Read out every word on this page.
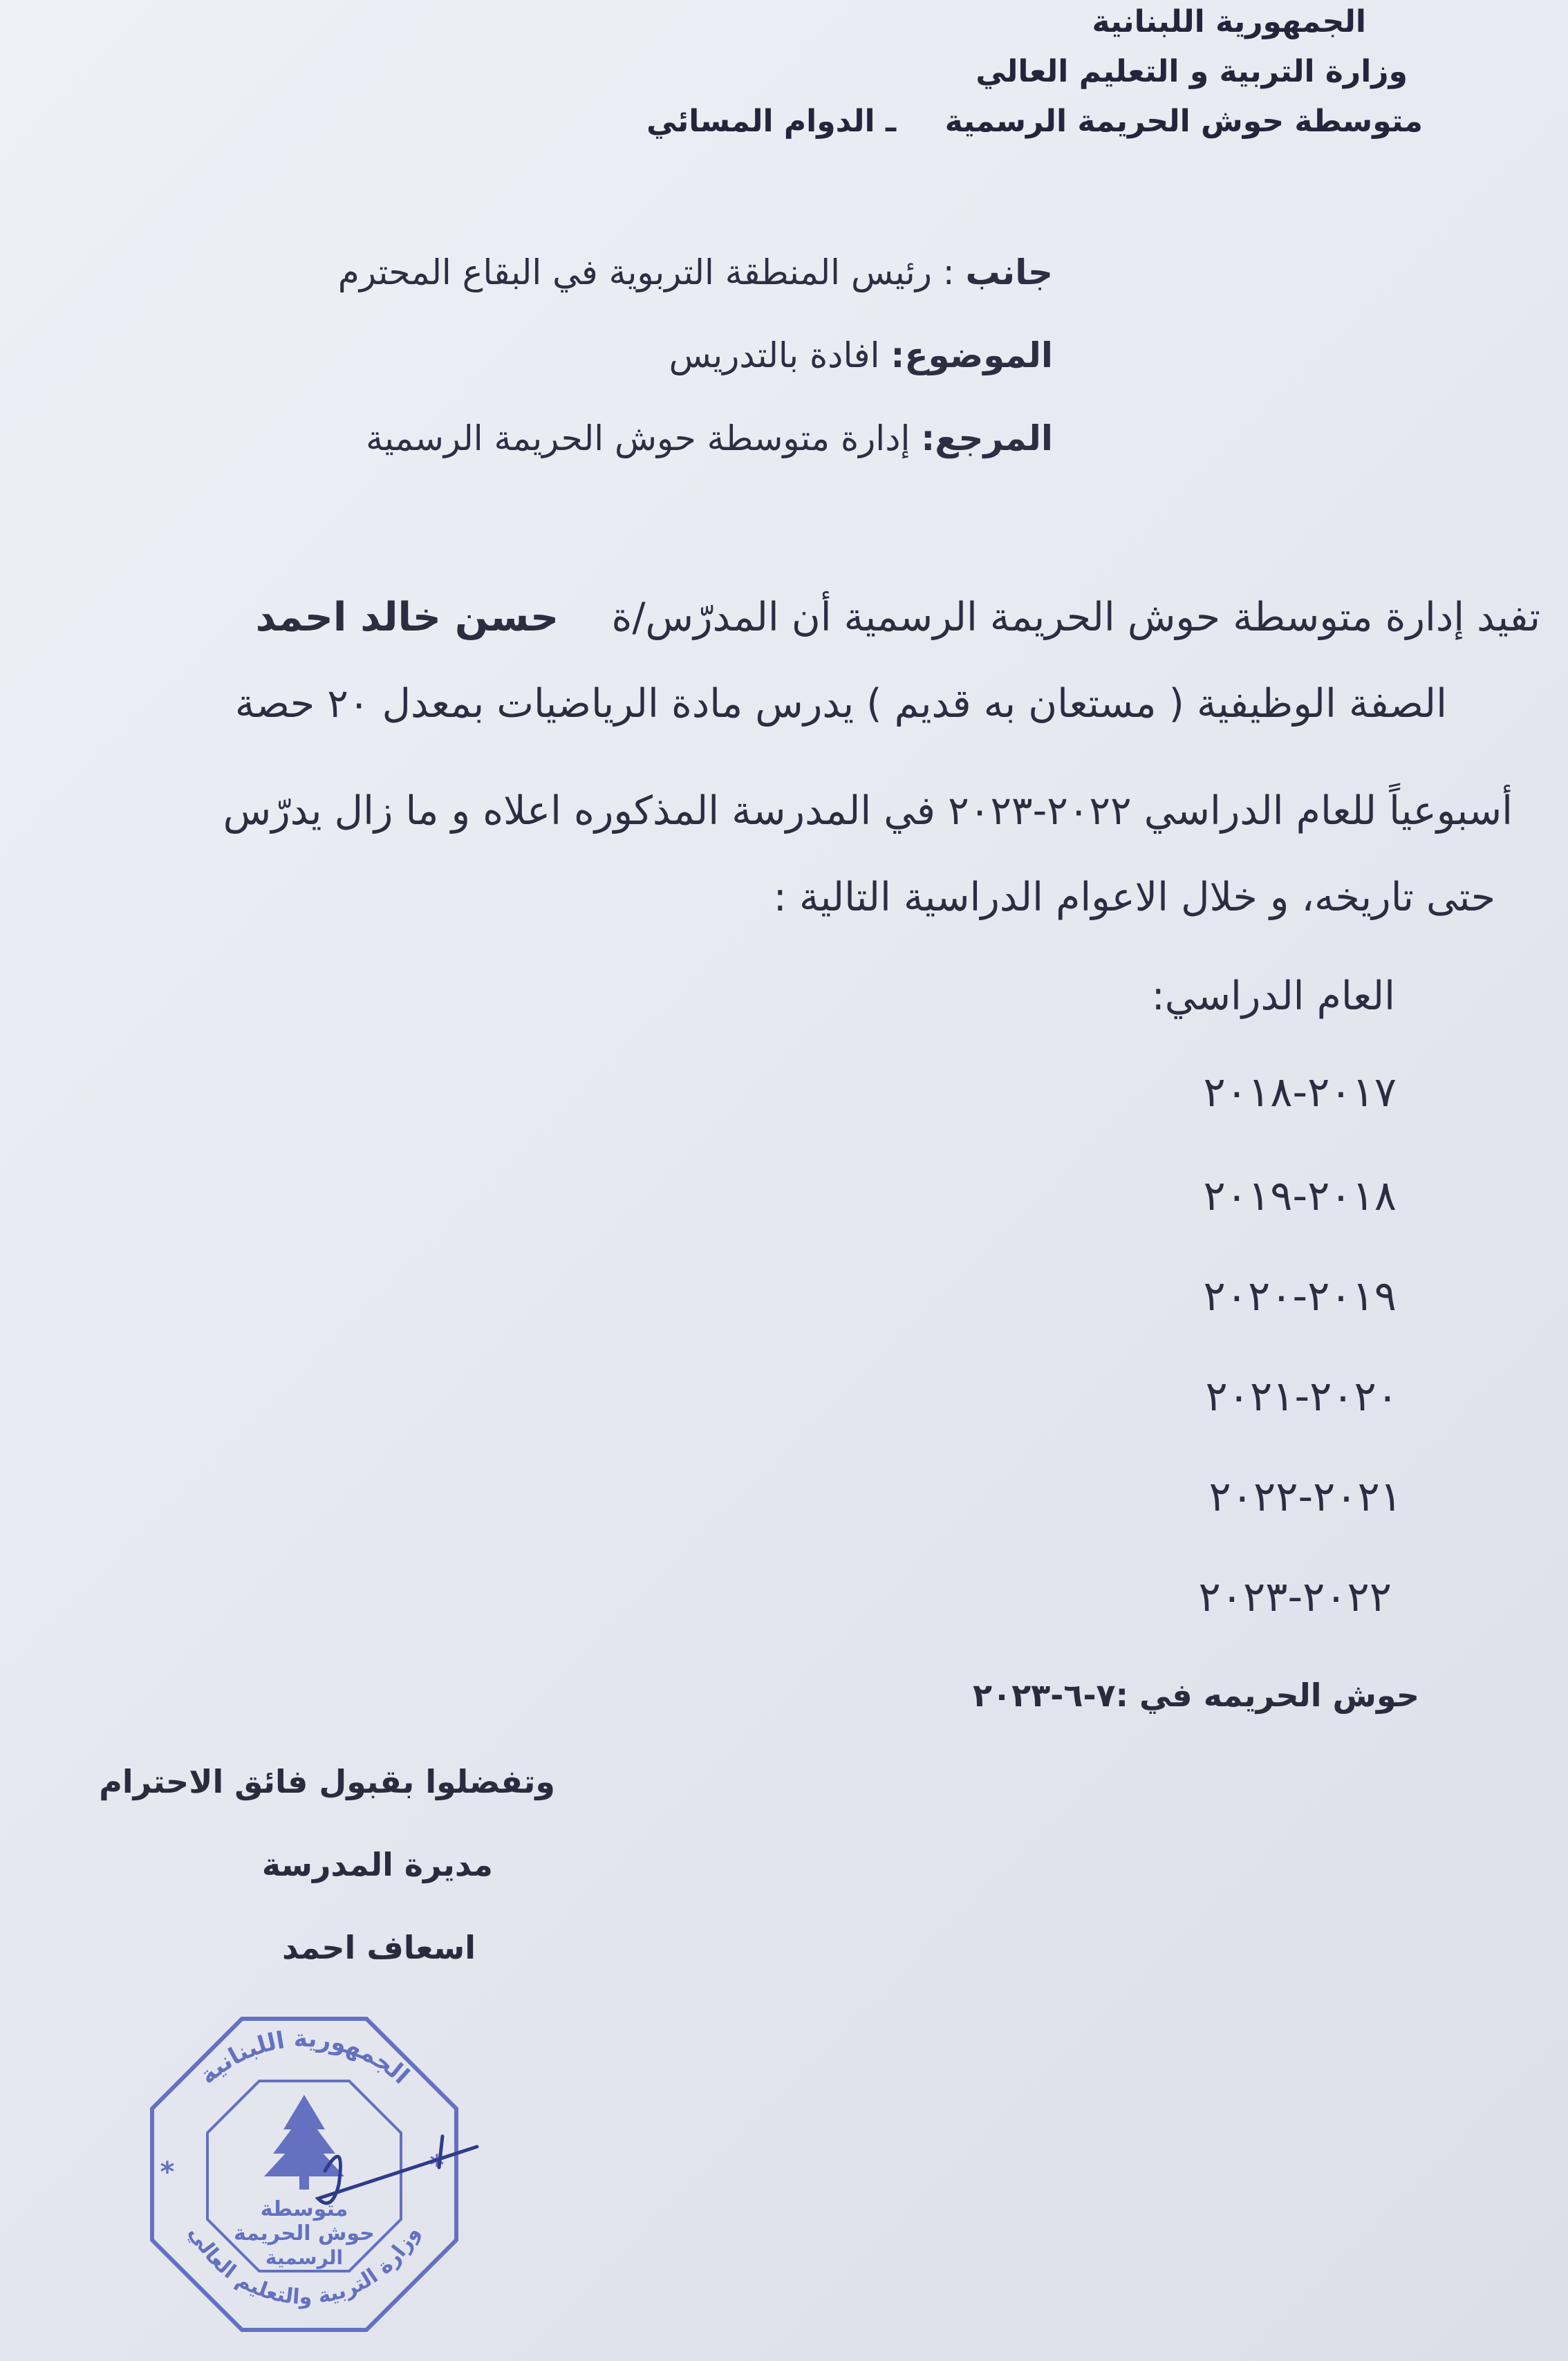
الجمهورية اللبنانية
وزارة التربية و التعليم العالي
متوسطة حوش الحريمة الرسمية  ـ الدوام المسائي
جانب : رئيس المنطقة التربوية في البقاع المحترم
الموضوع: افادة بالتدريس
المرجع: إدارة متوسطة حوش الحريمة الرسمية
تفيد إدارة متوسطة حوش الحريمة الرسمية أن المدرّس/ة  حسن خالد احمد
الصفة الوظيفية ( مستعان به قديم ) يدرس مادة الرياضيات بمعدل ٢٠ حصة
أسبوعياً للعام الدراسي ٢٠٢٢-٢٠٢٣ في المدرسة المذكوره اعلاه و ما زال يدرّس
حتى تاريخه، و خلال الاعوام الدراسية التالية :
العام الدراسي:
٢٠١٧-٢٠١٨
٢٠١٨-٢٠١٩
٢٠١٩-٢٠٢٠
٢٠٢٠-٢٠٢١
٢٠٢١-٢٠٢٢
٢٠٢٢-٢٠٢٣
حوش الحريمه في :٧-٦-٢٠٢٣
وتفضلوا بقبول فائق الاحترام
مديرة المدرسة
اسعاف احمد
الجمهورية اللبنانية
وزارة التربية والتعليم العالي
متوسطة
حوش الحريمة
الرسمية
*	*
